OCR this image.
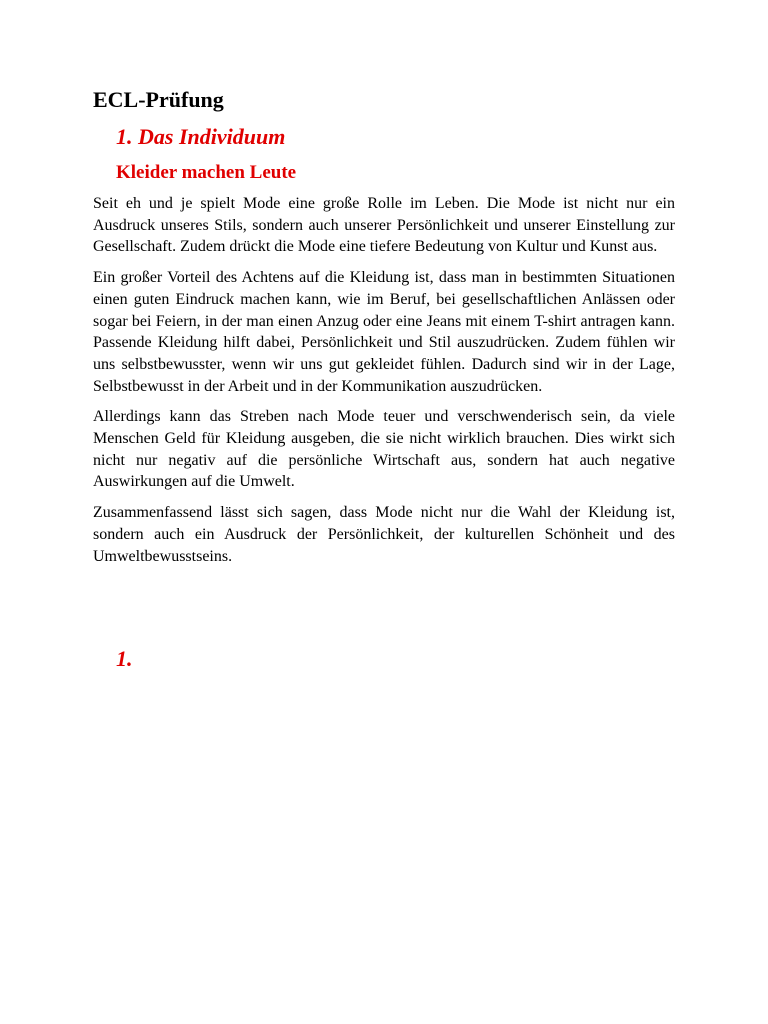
ECL-Prüfung
1. Das Individuum
Kleider machen Leute

Seit eh und je spielt Mode eine große Rolle im Leben. Die Mode ist nicht nur ein Ausdruck unseres Stils, sondern auch unserer Persönlichkeit und unserer Einstellung zur Gesellschaft. Zudem drückt die Mode eine tiefere Bedeutung von Kultur und Kunst aus.

Ein großer Vorteil des Achtens auf die Kleidung ist, dass man in bestimmten Situationen einen guten Eindruck machen kann, wie im Beruf, bei gesellschaftlichen Anlässen oder sogar bei Feiern, in der man einen Anzug oder eine Jeans mit einem T-shirt antragen kann. Passende Kleidung hilft dabei, Persönlichkeit und Stil auszudrücken. Zudem fühlen wir uns selbstbewusster, wenn wir uns gut gekleidet fühlen. Dadurch sind wir in der Lage, Selbstbewusst in der Arbeit und in der Kommunikation auszudrücken.

Allerdings kann das Streben nach Mode teuer und verschwenderisch sein, da viele Menschen Geld für Kleidung ausgeben, die sie nicht wirklich brauchen. Dies wirkt sich nicht nur negativ auf die persönliche Wirtschaft aus, sondern hat auch negative Auswirkungen auf die Umwelt.

Zusammenfassend lässt sich sagen, dass Mode nicht nur die Wahl der Kleidung ist, sondern auch ein Ausdruck der Persönlichkeit, der kulturellen Schönheit und des Umweltbewusstseins.

1.
